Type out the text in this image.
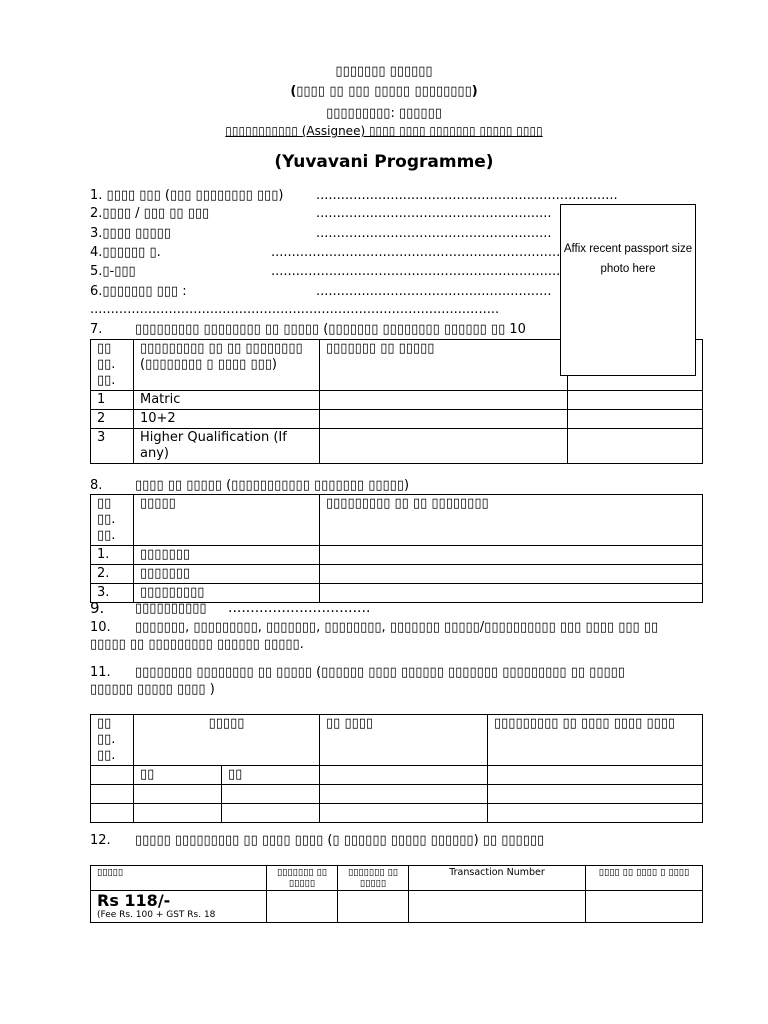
▯▯▯▯▯▯▯ ▯▯▯▯▯▯
(▯▯▯▯ ▯▯ ▯▯▯ ▯▯▯▯▯ ▯▯▯▯▯▯▯▯)
▯▯▯▯▯▯▯▯▯: ▯▯▯▯▯▯
▯▯▯▯▯▯▯▯▯▯▯ (Assignee) ▯▯▯▯ ▯▯▯▯ ▯▯▯▯▯▯▯ ▯▯▯▯▯ ▯▯▯▯
(Yuvavani Programme)
1. ▯▯▯▯ ▯▯▯ (▯▯▯ ▯▯▯▯▯▯▯▯ ▯▯▯)	.........................................................................
2.▯▯▯▯ / ▯▯▯ ▯▯ ▯▯▯	.........................................................
3.▯▯▯▯ ▯▯▯▯▯	.........................................................
4.▯▯▯▯▯▯ ▯.	......................................................................
5.▯-▯▯▯	......................................................................
6.▯▯▯▯▯▯▯ ▯▯▯ :	.........................................................
...................................................................................................
7.	▯▯▯▯▯▯▯▯▯ ▯▯▯▯▯▯▯▯ ▯▯ ▯▯▯▯▯ (▯▯▯▯▯▯▯ ▯▯▯▯▯▯▯▯ ▯▯▯▯▯▯ ▯▯ 10
▯▯ ▯▯. ▯▯.	▯▯▯▯▯▯▯▯▯ ▯▯ ▯▯ ▯▯▯▯▯▯▯▯ (▯▯▯▯▯▯▯▯ ▯ ▯▯▯▯ ▯▯▯)	▯▯▯▯▯▯▯ ▯▯ ▯▯▯▯▯	
1	Matric		
2	10+2		
3	Higher Qualification (If any)		
Affix recent passport size photo here
8.	▯▯▯▯ ▯▯ ▯▯▯▯▯ (▯▯▯▯▯▯▯▯▯▯▯ ▯▯▯▯▯▯▯ ▯▯▯▯▯)
▯▯ ▯▯. ▯▯.	▯▯▯▯▯	▯▯▯▯▯▯▯▯▯ ▯▯ ▯▯ ▯▯▯▯▯▯▯▯
1.	▯▯▯▯▯▯▯	
2.	▯▯▯▯▯▯▯	
3.	▯▯▯▯▯▯▯▯▯	
9. ▯▯▯▯▯▯▯▯▯▯ ................................
10. ▯▯▯▯▯▯▯, ▯▯▯▯▯▯▯▯▯, ▯▯▯▯▯▯▯, ▯▯▯▯▯▯▯▯, ▯▯▯▯▯▯▯ ▯▯▯▯▯/▯▯▯▯▯▯▯▯▯▯ ▯▯▯ ▯▯▯▯ ▯▯▯ ▯▯
▯▯▯▯▯ ▯▯ ▯▯▯▯▯▯▯▯▯ ▯▯▯▯▯▯ ▯▯▯▯▯.
11. ▯▯▯▯▯▯▯▯ ▯▯▯▯▯▯▯▯ ▯▯ ▯▯▯▯▯ (▯▯▯▯▯▯ ▯▯▯▯ ▯▯▯▯▯▯ ▯▯▯▯▯▯▯ ▯▯▯▯▯▯▯▯▯ ▯▯ ▯▯▯▯▯
▯▯▯▯▯▯ ▯▯▯▯▯ ▯▯▯▯ )
▯▯ ▯▯. ▯▯.	▯▯▯▯▯		▯▯ ▯▯▯▯	▯▯▯▯▯▯▯▯▯ ▯▯ ▯▯▯▯ ▯▯▯▯ ▯▯▯▯
	▯▯	▯▯		

12. ▯▯▯▯▯ ▯▯▯▯▯▯▯▯▯ ▯▯ ▯▯▯▯ ▯▯▯▯ (▯ ▯▯▯▯▯▯ ▯▯▯▯▯ ▯▯▯▯▯▯) ▯▯ ▯▯▯▯▯▯
▯▯▯▯▯	▯▯▯▯▯▯▯ ▯▯ ▯▯▯▯▯	▯▯▯▯▯▯▯ ▯▯ ▯▯▯▯▯	Transaction Number	▯▯▯▯ ▯▯ ▯▯▯▯ ▯ ▯▯▯▯

Rs 118/-
(Fee Rs. 100 + GST Rs. 18				
